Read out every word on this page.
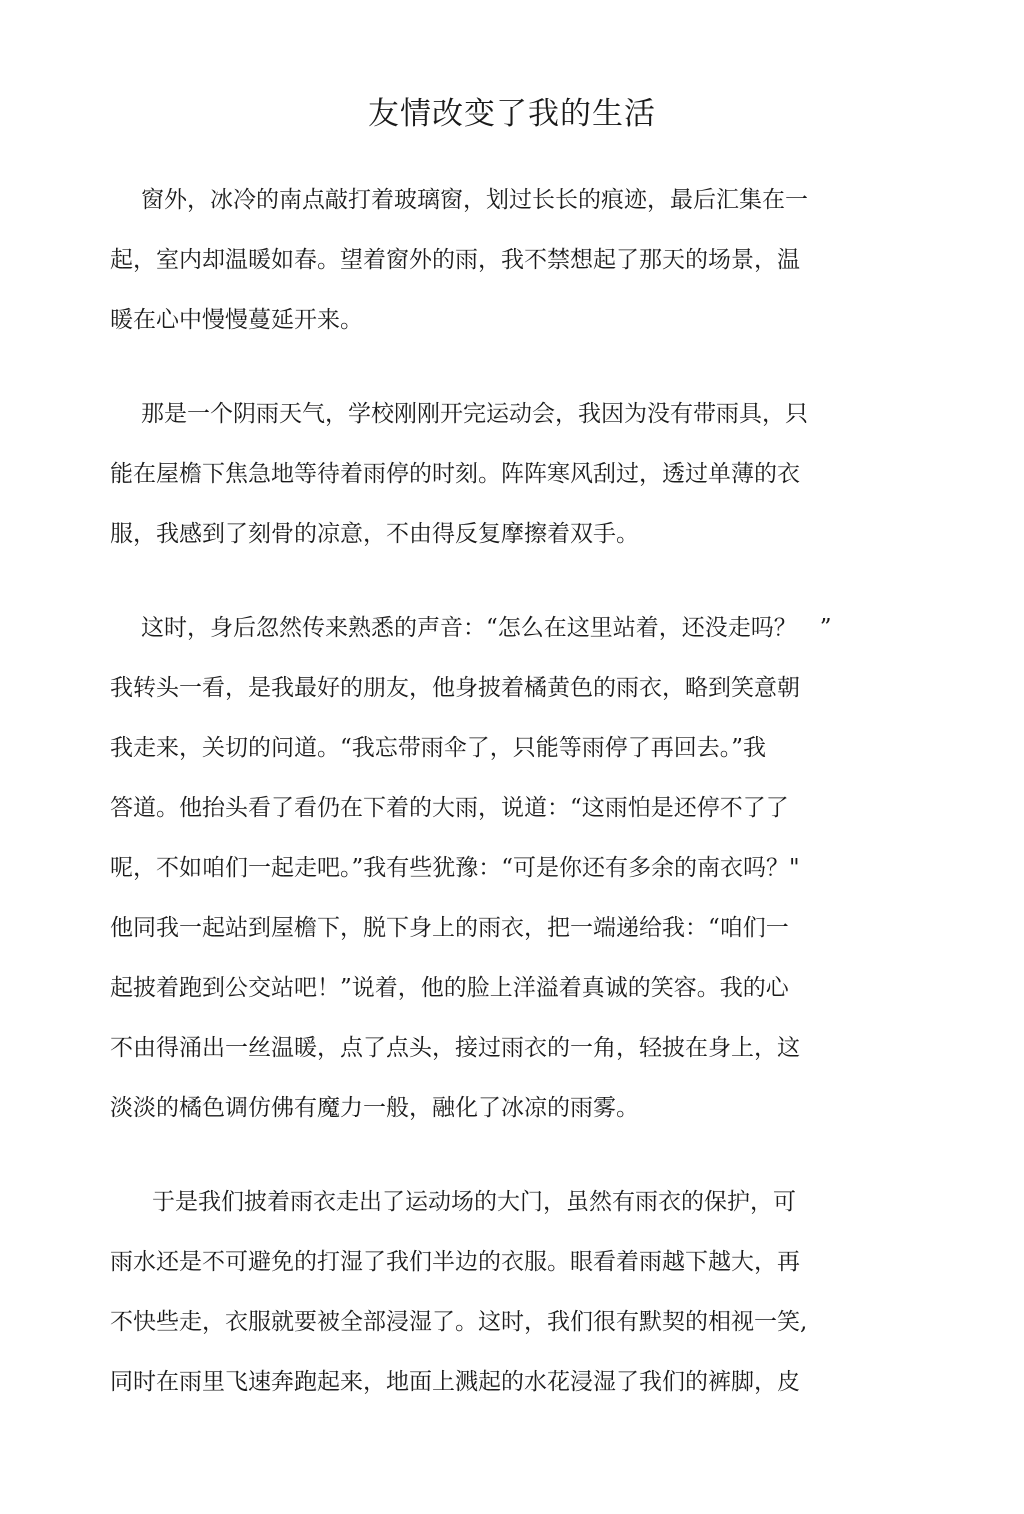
友情改变了我的生活
窗外，冰冷的南点敲打着玻璃窗，划过长长的痕迹，最后汇集在一
起，室内却温暖如春。望着窗外的雨，我不禁想起了那天的场景，温
暖在心中慢慢蔓延开来。
那是一个阴雨天气，学校刚刚开完运动会，我因为没有带雨具，只
能在屋檐下焦急地等待着雨停的时刻。阵阵寒风刮过，透过单薄的衣
服，我感到了刻骨的凉意，不由得反复摩擦着双手。
这时，身后忽然传来熟悉的声音：“怎么在这里站着，还没走吗？　”
我转头一看，是我最好的朋友，他身披着橘黄色的雨衣，略到笑意朝
我走来，关切的问道。“我忘带雨伞了，只能等雨停了再回去。”我
答道。他抬头看了看仍在下着的大雨，说道：“这雨怕是还停不了了
呢，不如咱们一起走吧。”我有些犹豫：“可是你还有多余的南衣吗？"
他同我一起站到屋檐下，脱下身上的雨衣，把一端递给我：“咱们一
起披着跑到公交站吧！”说着，他的脸上洋溢着真诚的笑容。我的心
不由得涌出一丝温暖，点了点头，接过雨衣的一角，轻披在身上，这
淡淡的橘色调仿佛有魔力一般，融化了冰凉的雨雾。
于是我们披着雨衣走出了运动场的大门，虽然有雨衣的保护，可
雨水还是不可避免的打湿了我们半边的衣服。眼看着雨越下越大，再
不快些走，衣服就要被全部浸湿了。这时，我们很有默契的相视一笑,
同时在雨里飞速奔跑起来，地面上溅起的水花浸湿了我们的裤脚，皮
